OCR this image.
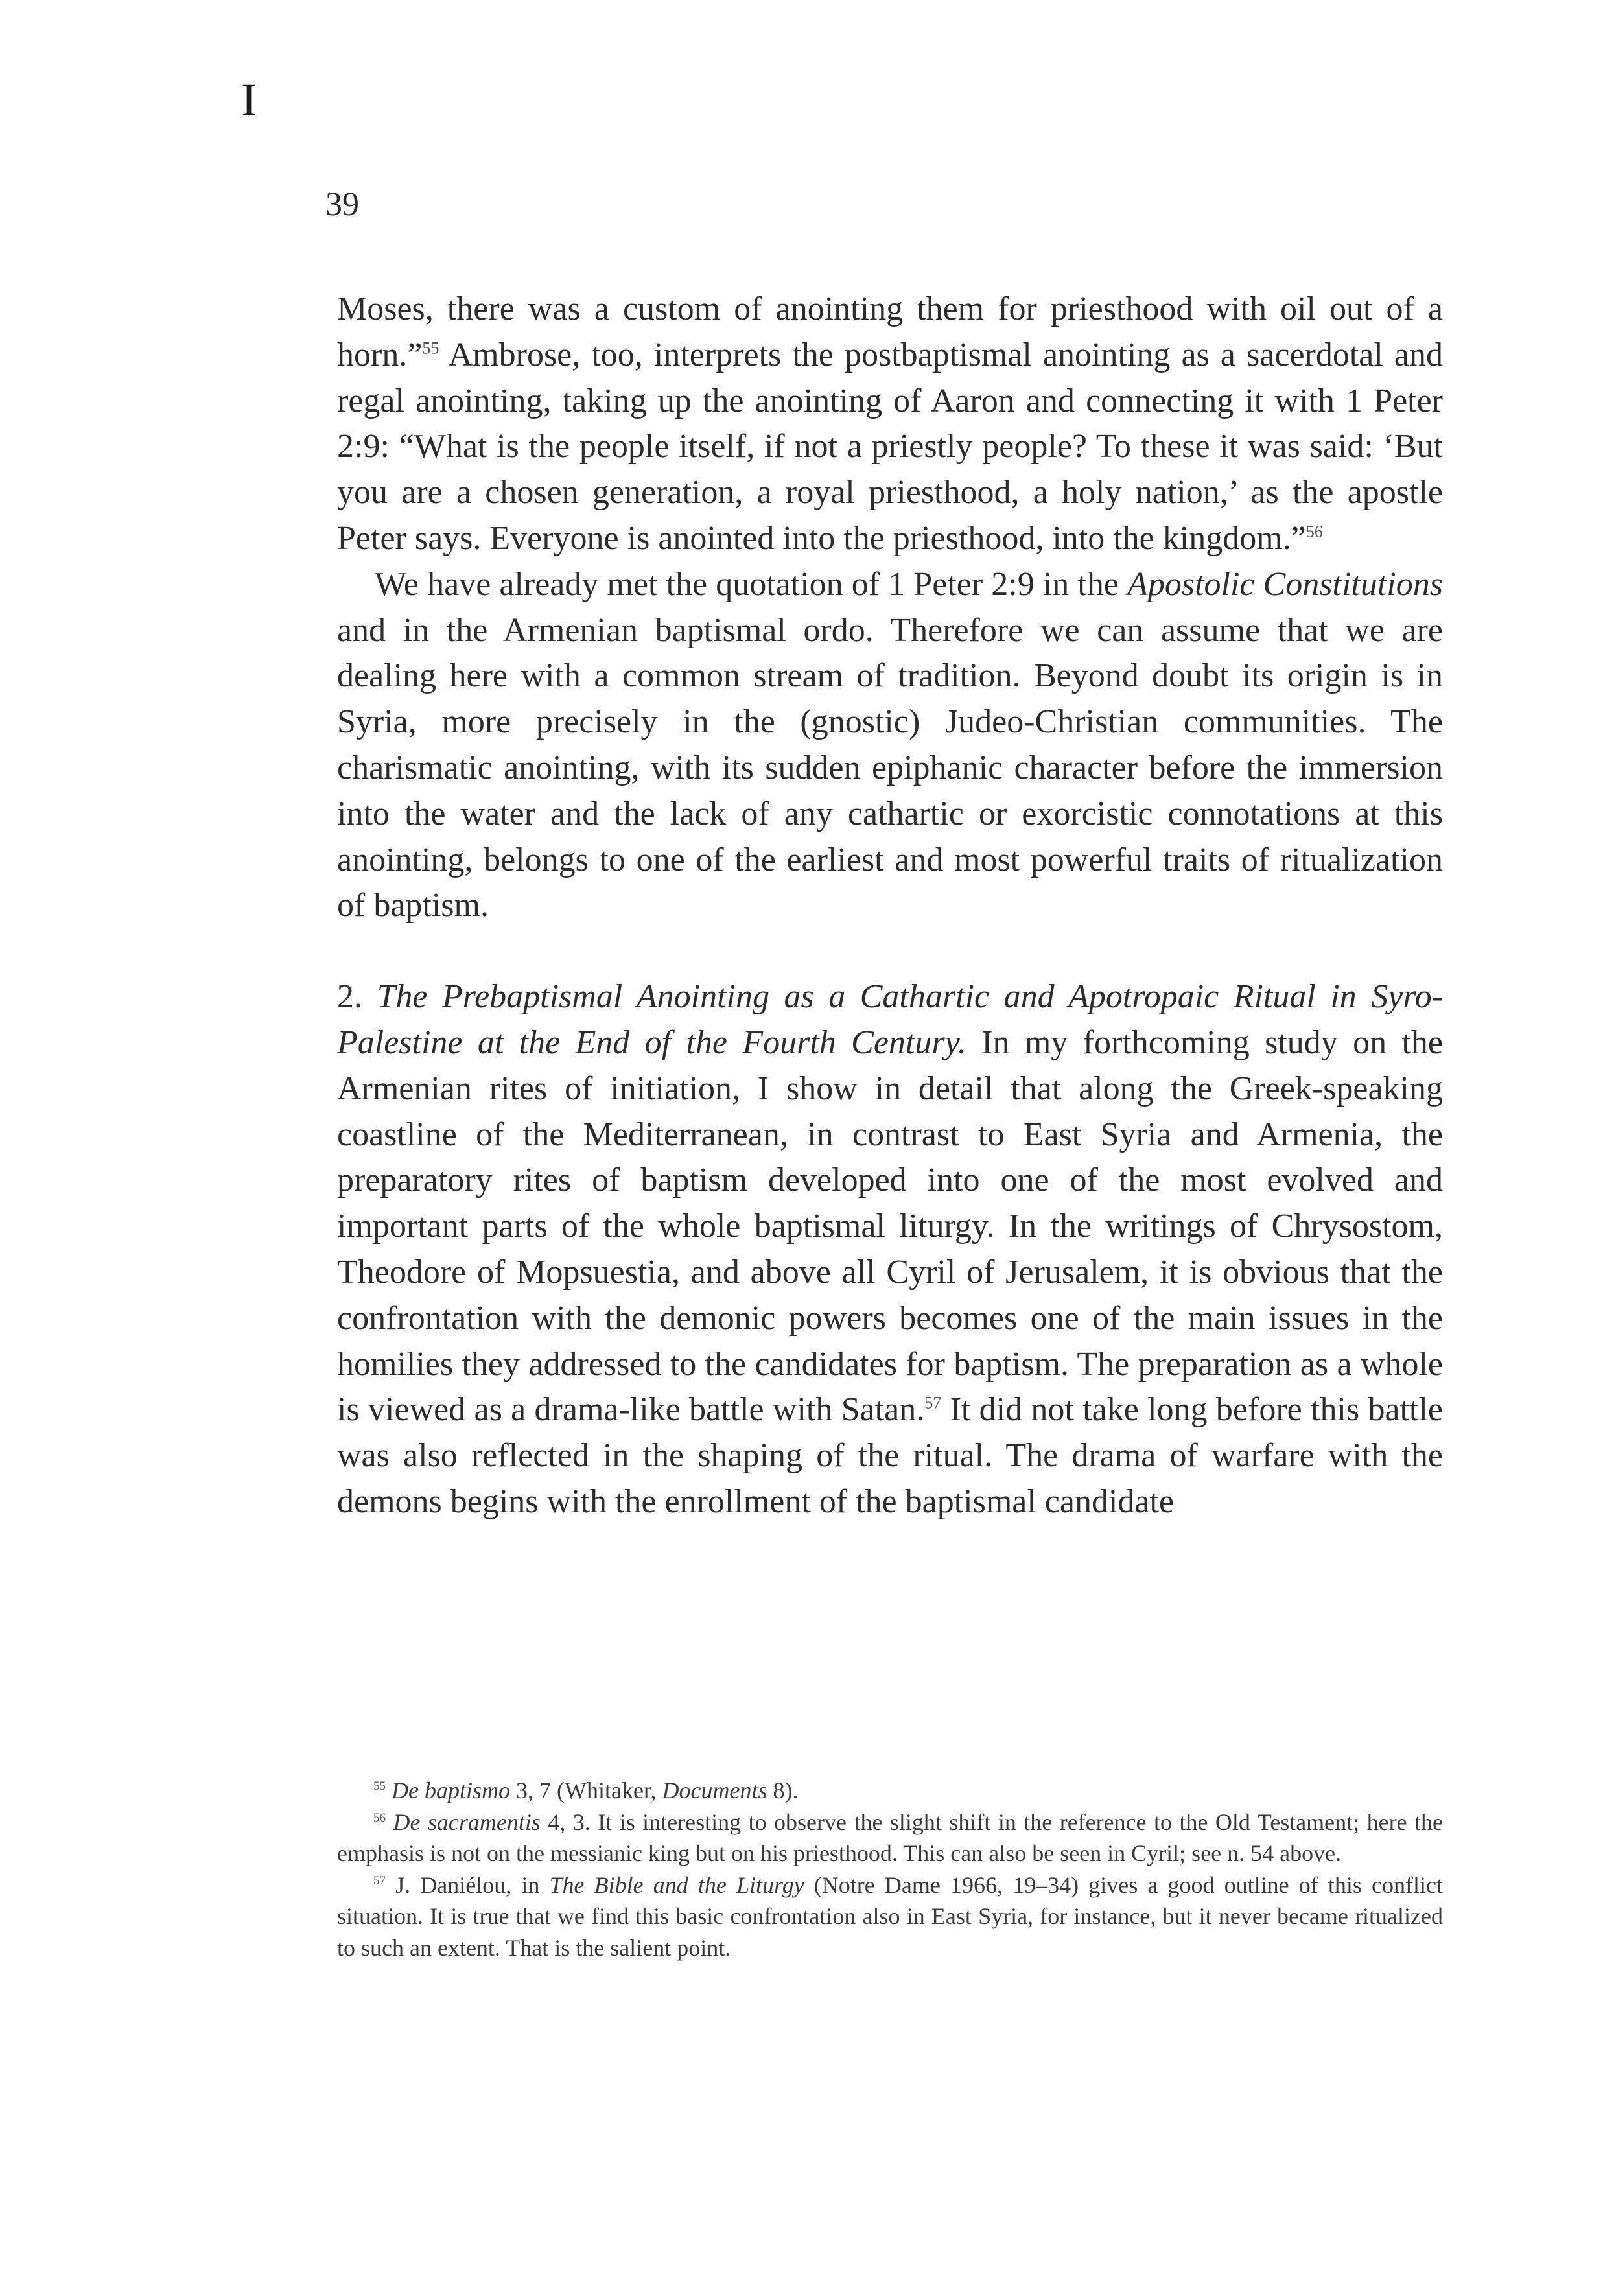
I
39

Moses, there was a custom of anointing them for priesthood with oil out of a horn.”$^{55}$ Ambrose, too, interprets the postbaptismal anointing as a sacerdotal and regal anointing, taking up the anointing of Aaron and connecting it with 1 Peter 2:9: “What is the people itself, if not a priestly people? To these it was said: ‘But you are a chosen generation, a royal priesthood, a holy nation,’ as the apostle Peter says. Everyone is anointed into the priesthood, into the kingdom.”$^{56}$

We have already met the quotation of 1 Peter 2:9 in the Apostolic Constitutions and in the Armenian baptismal ordo. Therefore we can assume that we are dealing here with a common stream of tradition. Beyond doubt its origin is in Syria, more precisely in the (gnostic) Judeo-Christian communities. The charismatic anointing, with its sudden epiphanic character before the immersion into the water and the lack of any cathartic or exorcistic connotations at this anointing, belongs to one of the earliest and most powerful traits of ritualization of baptism.

2. The Prebaptismal Anointing as a Cathartic and Apotropaic Ritual in Syro-Palestine at the End of the Fourth Century. In my forthcoming study on the Armenian rites of initiation, I show in detail that along the Greek-speaking coastline of the Mediterranean, in contrast to East Syria and Armenia, the preparatory rites of baptism developed into one of the most evolved and important parts of the whole baptismal liturgy. In the writings of Chrysostom, Theodore of Mopsuestia, and above all Cyril of Jerusalem, it is obvious that the confrontation with the demonic powers becomes one of the main issues in the homilies they addressed to the candidates for baptism. The preparation as a whole is viewed as a drama-like battle with Satan.$^{57}$ It did not take long before this battle was also reflected in the shaping of the ritual. The drama of warfare with the demons begins with the enrollment of the baptismal candidate

$^{55}$ De baptismo 3, 7 (Whitaker, Documents 8).

$^{56}$ De sacramentis 4, 3. It is interesting to observe the slight shift in the reference to the Old Testament; here the emphasis is not on the messianic king but on his priesthood. This can also be seen in Cyril; see n. 54 above.

$^{57}$ J. Daniélou, in The Bible and the Liturgy (Notre Dame 1966, 19–34) gives a good outline of this conflict situation. It is true that we find this basic confrontation also in East Syria, for instance, but it never became ritualized to such an extent. That is the salient point.
